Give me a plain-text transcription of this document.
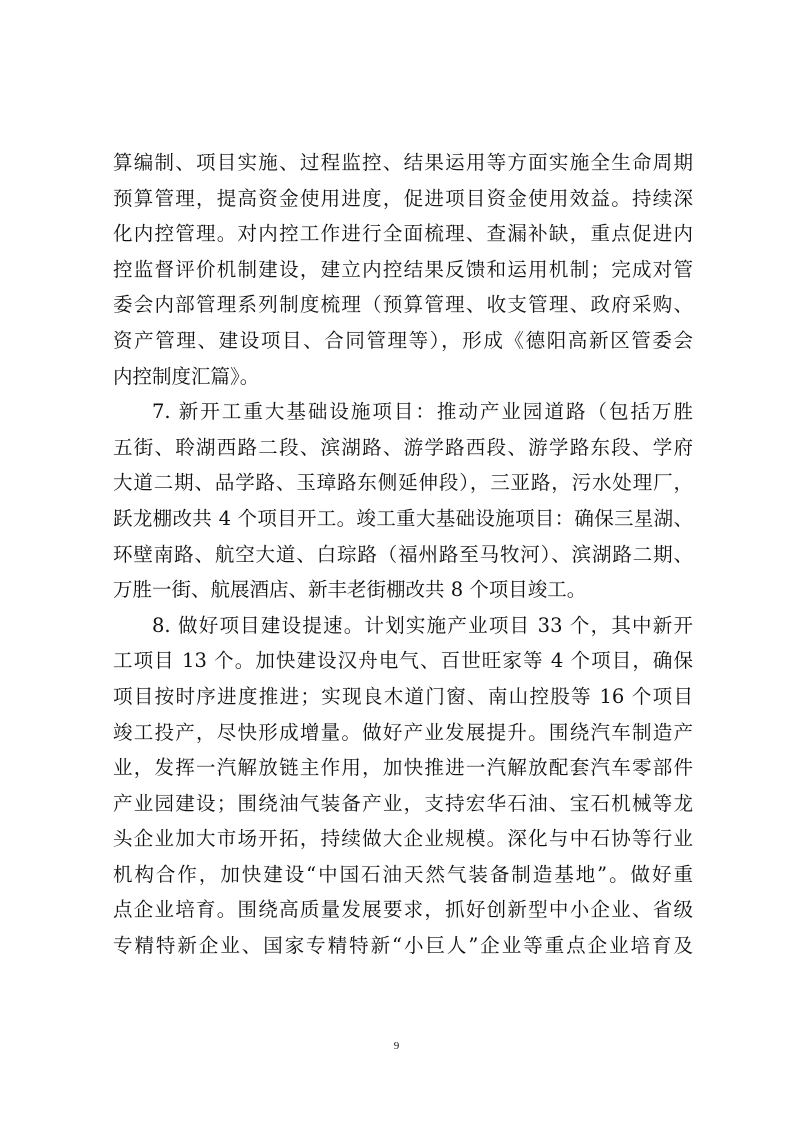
算编制、项目实施、过程监控、结果运用等方面实施全生命周期
预算管理，提高资金使用进度，促进项目资金使用效益。持续深
化内控管理。对内控工作进行全面梳理、查漏补缺，重点促进内
控监督评价机制建设，建立内控结果反馈和运用机制；完成对管
委会内部管理系列制度梳理（预算管理、收支管理、政府采购、
资产管理、建设项目、合同管理等），形成《德阳高新区管委会
内控制度汇篇》。
7. 新开工重大基础设施项目：推动产业园道路（包括万胜
五街、聆湖西路二段、滨湖路、游学路西段、游学路东段、学府
大道二期、品学路、玉璋路东侧延伸段），三亚路，污水处理厂，
跃龙棚改共 4 个项目开工。竣工重大基础设施项目：确保三星湖、
环壁南路、航空大道、白琮路（福州路至马牧河）、滨湖路二期、
万胜一街、航展酒店、新丰老街棚改共 8 个项目竣工。
8. 做好项目建设提速。计划实施产业项目 33 个，其中新开
工项目 13 个。加快建设汉舟电气、百世旺家等 4 个项目，确保
项目按时序进度推进；实现良木道门窗、南山控股等 16 个项目
竣工投产，尽快形成增量。做好产业发展提升。围绕汽车制造产
业，发挥一汽解放链主作用，加快推进一汽解放配套汽车零部件
产业园建设；围绕油气装备产业，支持宏华石油、宝石机械等龙
头企业加大市场开拓，持续做大企业规模。深化与中石协等行业
机构合作，加快建设“中国石油天然气装备制造基地”。做好重
点企业培育。围绕高质量发展要求，抓好创新型中小企业、省级
专精特新企业、国家专精特新“小巨人”企业等重点企业培育及
9
